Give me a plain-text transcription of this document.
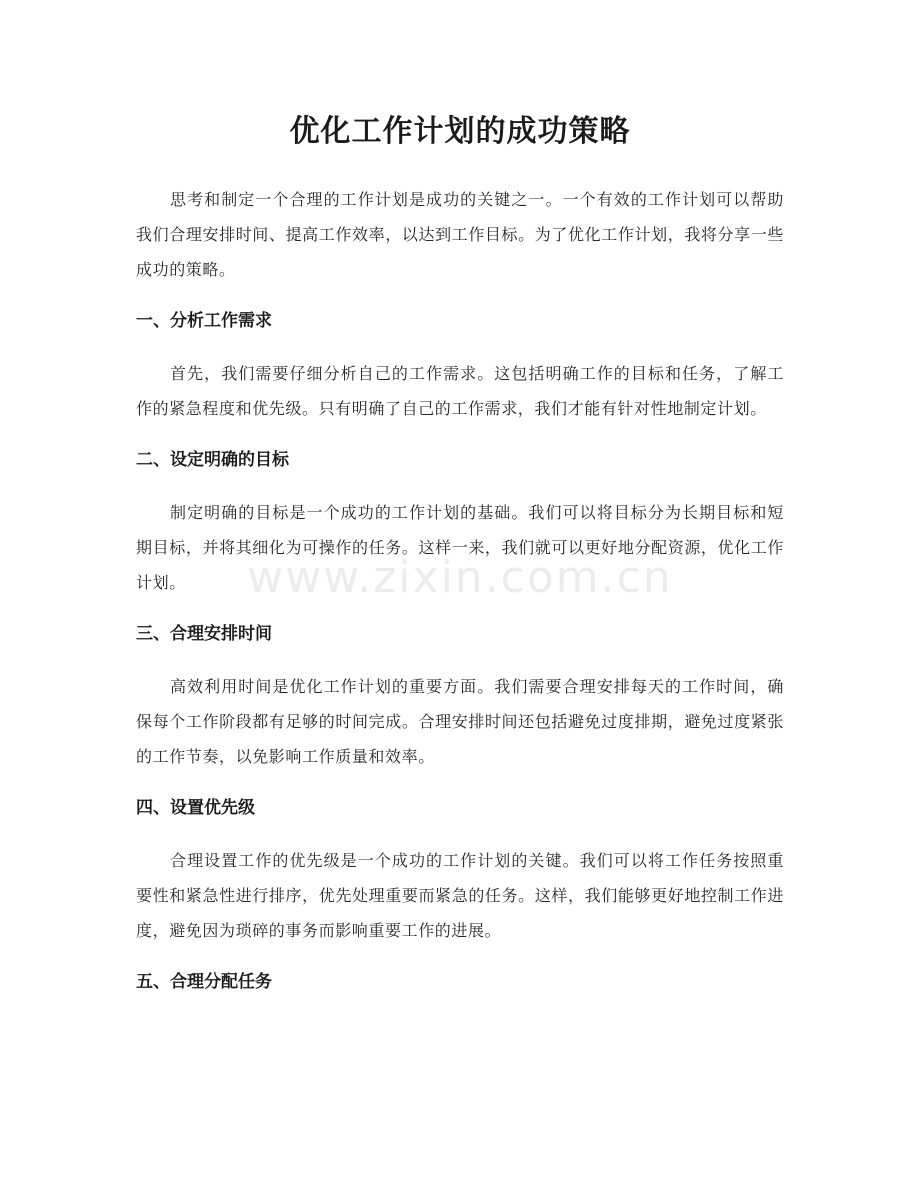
优化工作计划的成功策略

思考和制定一个合理的工作计划是成功的关键之一。一个有效的工作计划可以帮助我们合理安排时间、提高工作效率，以达到工作目标。为了优化工作计划，我将分享一些成功的策略。

一、分析工作需求

首先，我们需要仔细分析自己的工作需求。这包括明确工作的目标和任务，了解工作的紧急程度和优先级。只有明确了自己的工作需求，我们才能有针对性地制定计划。

二、设定明确的目标

制定明确的目标是一个成功的工作计划的基础。我们可以将目标分为长期目标和短期目标，并将其细化为可操作的任务。这样一来，我们就可以更好地分配资源，优化工作计划。

三、合理安排时间

高效利用时间是优化工作计划的重要方面。我们需要合理安排每天的工作时间，确保每个工作阶段都有足够的时间完成。合理安排时间还包括避免过度排期，避免过度紧张的工作节奏，以免影响工作质量和效率。

四、设置优先级

合理设置工作的优先级是一个成功的工作计划的关键。我们可以将工作任务按照重要性和紧急性进行排序，优先处理重要而紧急的任务。这样，我们能够更好地控制工作进度，避免因为琐碎的事务而影响重要工作的进展。

五、合理分配任务
www.zixin.com.cn
